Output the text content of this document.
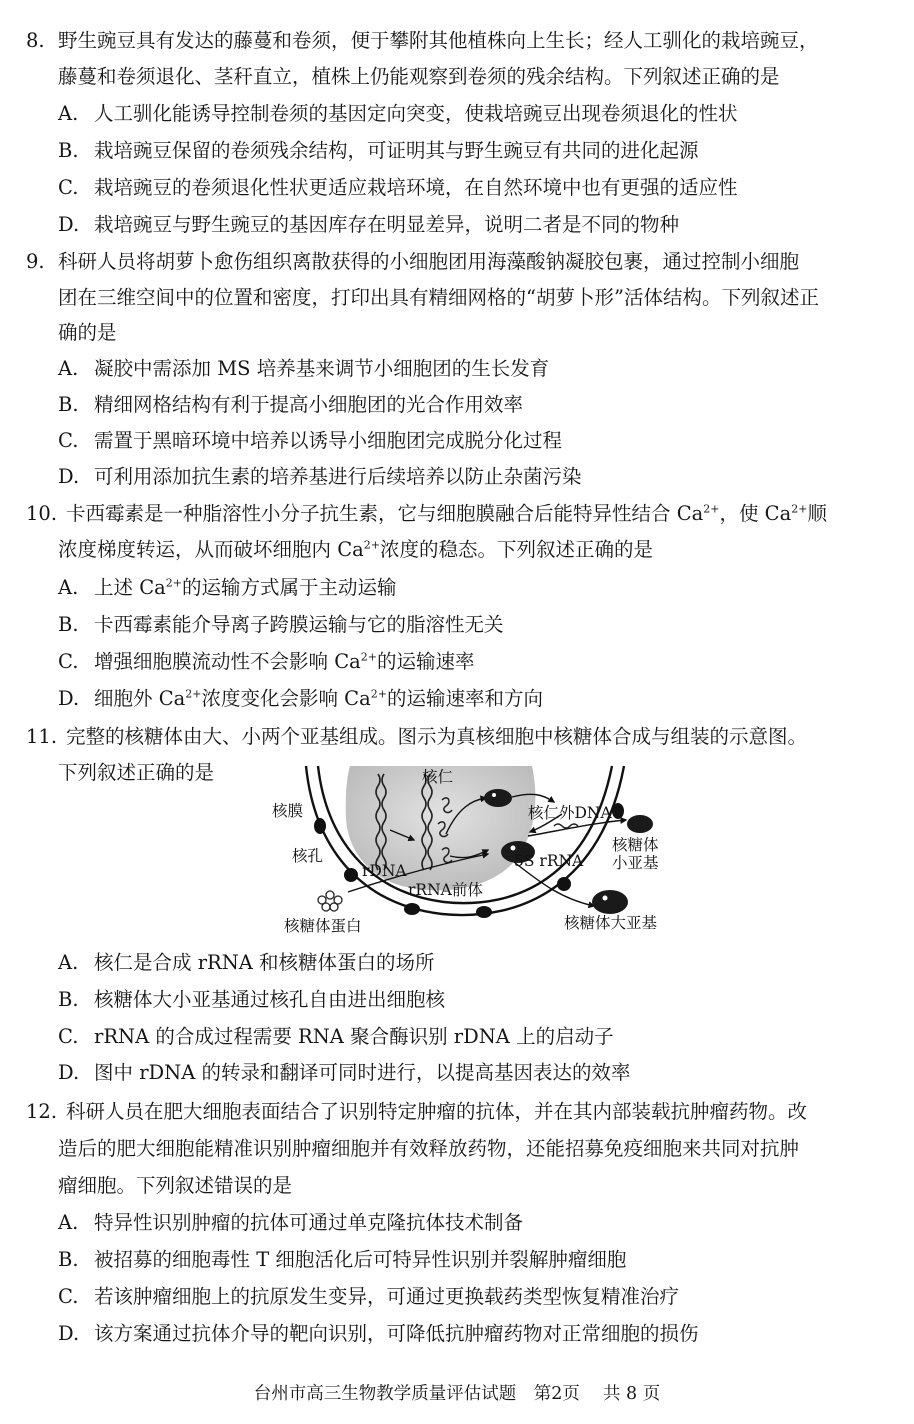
8. 野生豌豆具有发达的藤蔓和卷须，便于攀附其他植株向上生长；经人工驯化的栽培豌豆，
藤蔓和卷须退化、茎秆直立，植株上仍能观察到卷须的残余结构。下列叙述正确的是
A. 人工驯化能诱导控制卷须的基因定向突变，使栽培豌豆出现卷须退化的性状
B. 栽培豌豆保留的卷须残余结构，可证明其与野生豌豆有共同的进化起源
C. 栽培豌豆的卷须退化性状更适应栽培环境，在自然环境中也有更强的适应性
D. 栽培豌豆与野生豌豆的基因库存在明显差异，说明二者是不同的物种
9. 科研人员将胡萝卜愈伤组织离散获得的小细胞团用海藻酸钠凝胶包裹，通过控制小细胞
团在三维空间中的位置和密度，打印出具有精细网格的“胡萝卜形”活体结构。下列叙述正
确的是
A. 凝胶中需添加 MS 培养基来调节小细胞团的生长发育
B. 精细网格结构有利于提高小细胞团的光合作用效率
C. 需置于黑暗环境中培养以诱导小细胞团完成脱分化过程
D. 可利用添加抗生素的培养基进行后续培养以防止杂菌污染
10. 卡西霉素是一种脂溶性小分子抗生素，它与细胞膜融合后能特异性结合 $Ca^{2+}$，使 $Ca^{2+}$顺
浓度梯度转运，从而破坏细胞内 $Ca^{2+}$浓度的稳态。下列叙述正确的是
A. 上述 $Ca^{2+}$的运输方式属于主动运输
B. 卡西霉素能介导离子跨膜运输与它的脂溶性无关
C. 增强细胞膜流动性不会影响 $Ca^{2+}$的运输速率
D. 细胞外 $Ca^{2+}$浓度变化会影响 $Ca^{2+}$的运输速率和方向
11. 完整的核糖体由大、小两个亚基组成。图示为真核细胞中核糖体合成与组装的示意图。
下列叙述正确的是	核仁
核膜
核孔
rDNA
rRNA前体
核仁外DNA
5S rRNA
核糖体
小亚基
核糖体蛋白	核糖体大亚基
A. 核仁是合成 rRNA 和核糖体蛋白的场所
B. 核糖体大小亚基通过核孔自由进出细胞核
C. rRNA 的合成过程需要 RNA 聚合酶识别 rDNA 上的启动子
D. 图中 rDNA 的转录和翻译可同时进行，以提高基因表达的效率
12. 科研人员在肥大细胞表面结合了识别特定肿瘤的抗体，并在其内部装载抗肿瘤药物。改
造后的肥大细胞能精准识别肿瘤细胞并有效释放药物，还能招募免疫细胞来共同对抗肿
瘤细胞。下列叙述错误的是
A. 特异性识别肿瘤的抗体可通过单克隆抗体技术制备
B. 被招募的细胞毒性 T 细胞活化后可特异性识别并裂解肿瘤细胞
C. 若该肿瘤细胞上的抗原发生变异，可通过更换载药类型恢复精准治疗
D. 该方案通过抗体介导的靶向识别，可降低抗肿瘤药物对正常细胞的损伤
台州市高三生物教学质量评估试题　第2页　 共 8 页
